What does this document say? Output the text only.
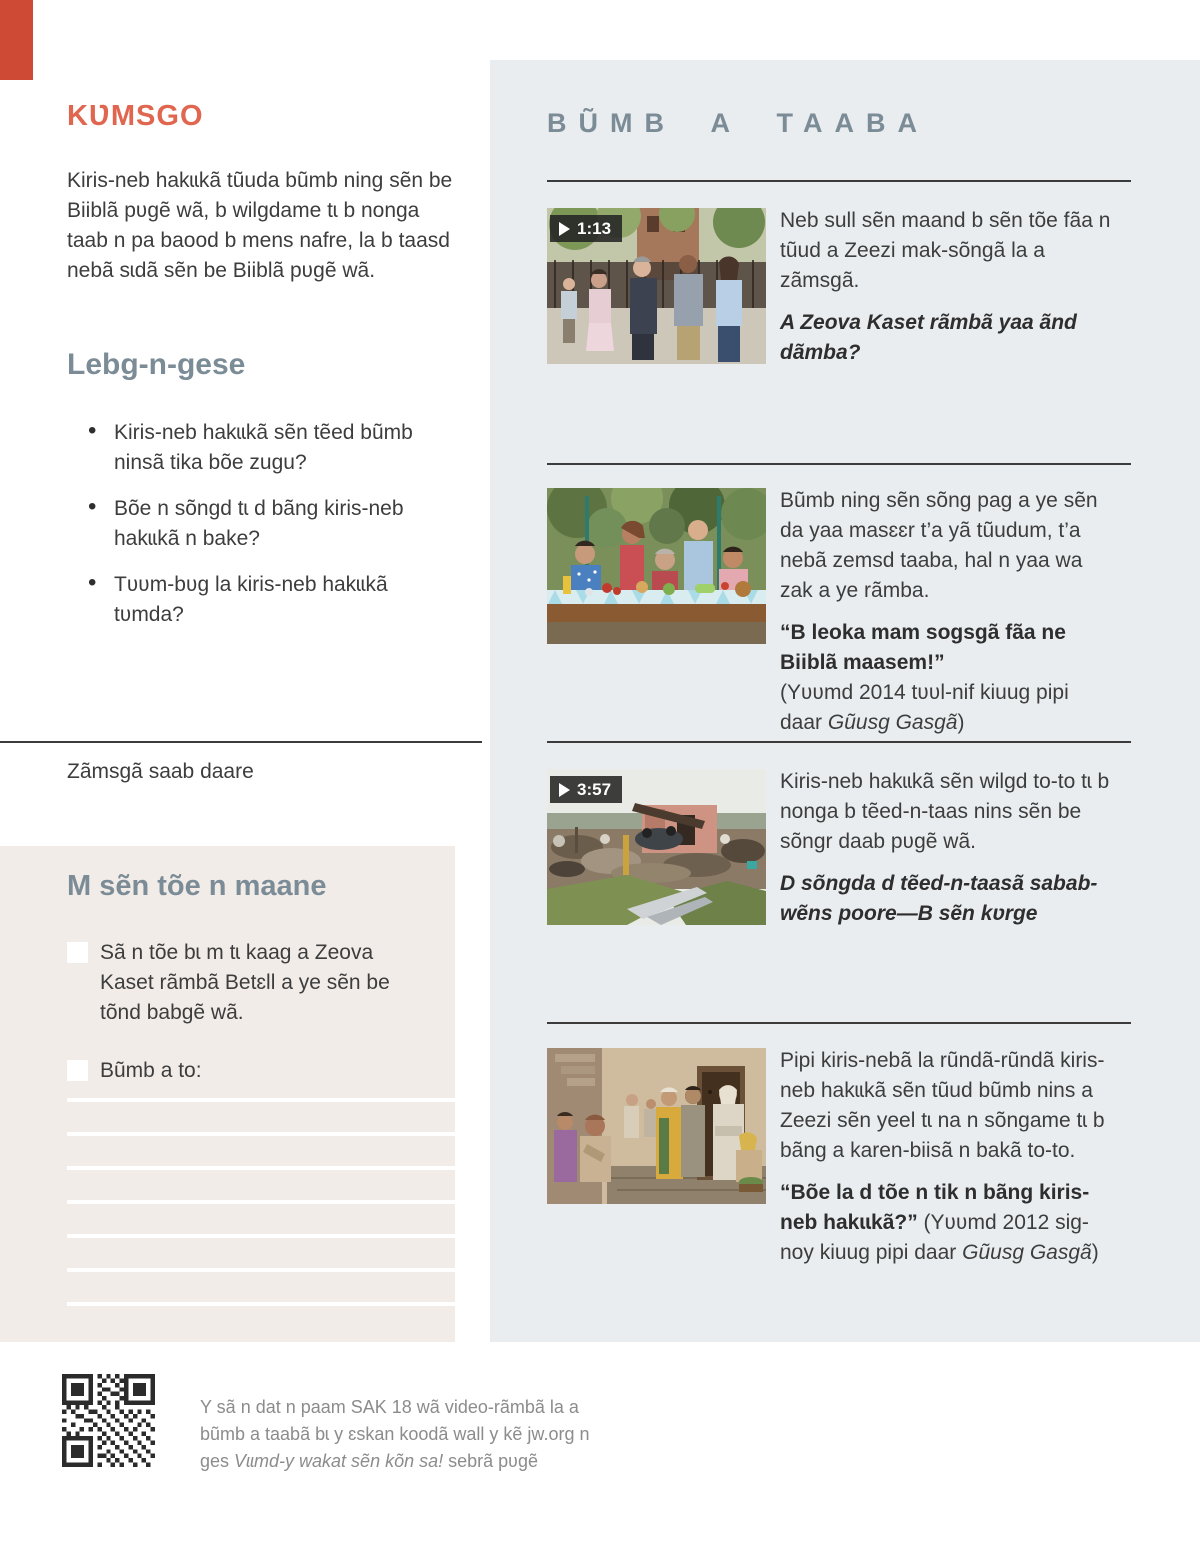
KƲMSGO

Kiris-neb hakɩɩkã tũuda bũmb ning sẽn be Biiblã pʋgẽ wã, b wilgdame tɩ b nonga taab n pa baood b mens nafre, la b taasd nebã sɩdã sẽn be Biiblã pʋgẽ wã.

Lebg-n-gese
• Kiris-neb hakɩɩkã sẽn tẽed bũmb ninsã tika bõe zugu?
• Bõe n sõngd tɩ d bãng kiris-neb hakɩɩkã n bake?
• Tʋʋm-bʋg la kiris-neb hakɩɩkã tʋmda?

Zãmsgã saab daare

M sẽn tõe n maane
Sã n tõe bɩ m tɩ kaag a Zeova Kaset rãmbã Betɛll a ye sẽn be tõnd babgẽ wã.
Bũmb a to:

Y sã n dat n paam SAK 18 wã video-rãmbã la a bũmb a taabã bɩ y ɛskan koodã wall y kẽ jw.org n ges Vɩɩmd-y wakat sẽn kõn sa! sebrã pʋgẽ

BŨMB A TAABA
1:13	Neb sull sẽn maand b sẽn tõe fãa n tũud a Zeezi mak-sõngã la a zãmsgã.

A Zeova Kaset rãmbã yaa ãnd dãmba?

Bũmb ning sẽn sõng pag a ye sẽn da yaa masɛɛr t’a yã tũudum, t’a nebã zemsd taaba, hal n yaa wa zak a ye rãmba.

“B leoka mam sogsgã fãa ne Biiblã maasem!”
(Yʋʋmd 2014 tʋʋl-nif kiuug pipi daar Gũusg Gasgã)

3:57	Kiris-neb hakɩɩkã sẽn wilgd to-to tɩ b nonga b tẽed-n-taas nins sẽn be sõngr daab pʋgẽ wã.

D sõngda d tẽed-n-taasã sabab-wẽns poore—B sẽn kʋrge

Pipi kiris-nebã la rũndã-rũndã kiris-neb hakɩɩkã sẽn tũud bũmb nins a Zeezi sẽn yeel tɩ na n sõngame tɩ b bãng a karen-biisã n bakã to-to.

“Bõe la d tõe n tik n bãng kiris-neb hakɩɩkã?” (Yʋʋmd 2012 sig-noy kiuug pipi daar Gũusg Gasgã)
